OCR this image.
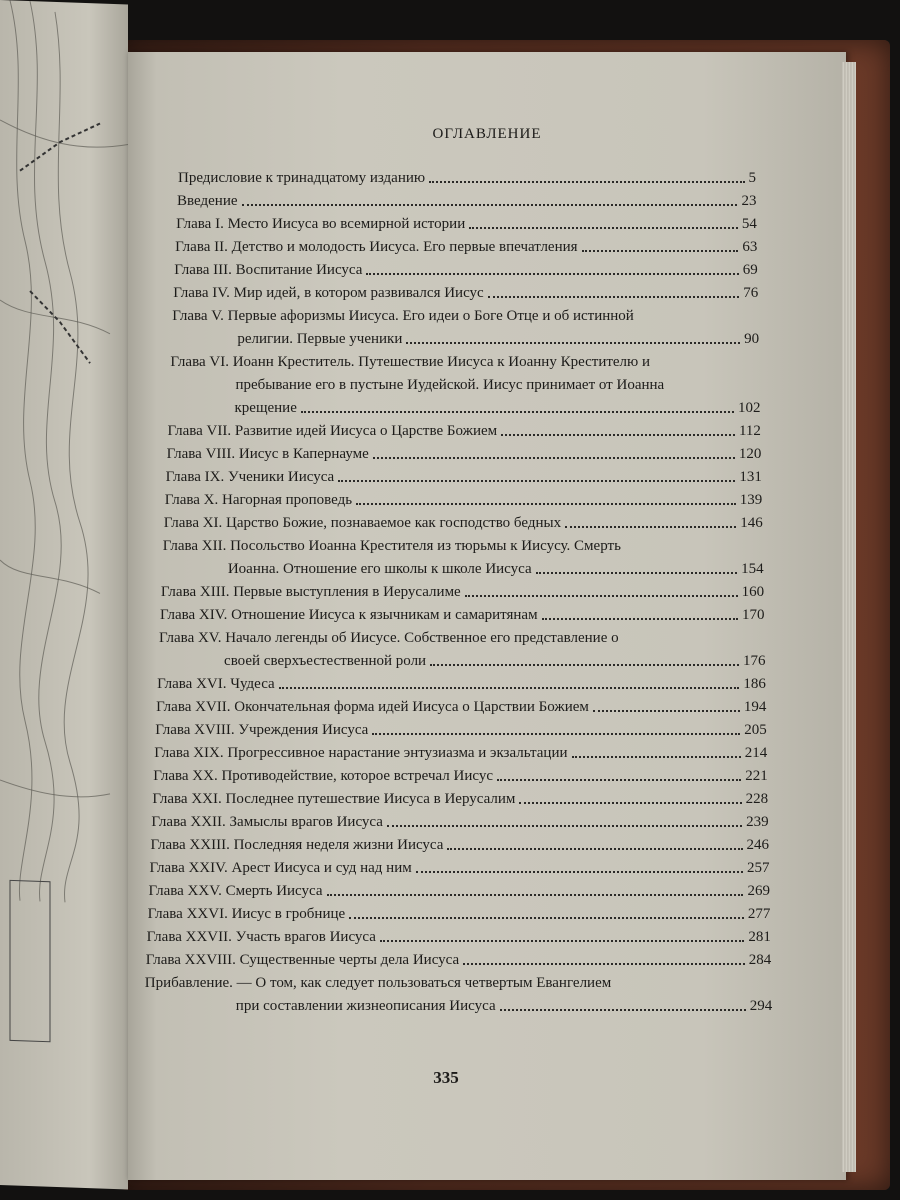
ОГЛАВЛЕНИЕ
Предисловие к тринадцатому изданию	5
Введение	23
Глава I. Место Иисуса во всемирной истории	54
Глава II. Детство и молодость Иисуса. Его первые впечатления	63
Глава III. Воспитание Иисуса	69
Глава IV. Мир идей, в котором развивался Иисус	76
Глава V. Первые афоризмы Иисуса. Его идеи о Боге Отце и об истинной
религии. Первые ученики	90
Глава VI. Иоанн Креститель. Путешествие Иисуса к Иоанну Крестителю и
пребывание его в пустыне Иудейской. Иисус принимает от Иоанна
крещение	102
Глава VII. Развитие идей Иисуса о Царстве Божием	112
Глава VIII. Иисус в Капернауме	120
Глава IX. Ученики Иисуса	131
Глава X. Нагорная проповедь	139
Глава XI. Царство Божие, познаваемое как господство бедных	146
Глава XII. Посольство Иоанна Крестителя из тюрьмы к Иисусу. Смерть
Иоанна. Отношение его школы к школе Иисуса	154
Глава XIII. Первые выступления в Иерусалиме	160
Глава XIV. Отношение Иисуса к язычникам и самаритянам	170
Глава XV. Начало легенды об Иисусе. Собственное его представление о
своей сверхъестественной роли	176
Глава XVI. Чудеса	186
Глава XVII. Окончательная форма идей Иисуса о Царствии Божием	194
Глава XVIII. Учреждения Иисуса	205
Глава XIX. Прогрессивное нарастание энтузиазма и экзальтации	214
Глава XX. Противодействие, которое встречал Иисус	221
Глава XXI. Последнее путешествие Иисуса в Иерусалим	228
Глава XXII. Замыслы врагов Иисуса	239
Глава XXIII. Последняя неделя жизни Иисуса	246
Глава XXIV. Арест Иисуса и суд над ним	257
Глава XXV. Смерть Иисуса	269
Глава XXVI. Иисус в гробнице	277
Глава XXVII. Участь врагов Иисуса	281
Глава XXVIII. Существенные черты дела Иисуса	284
Прибавление. — О том, как следует пользоваться четвертым Евангелием
при составлении жизнеописания Иисуса	294
335
